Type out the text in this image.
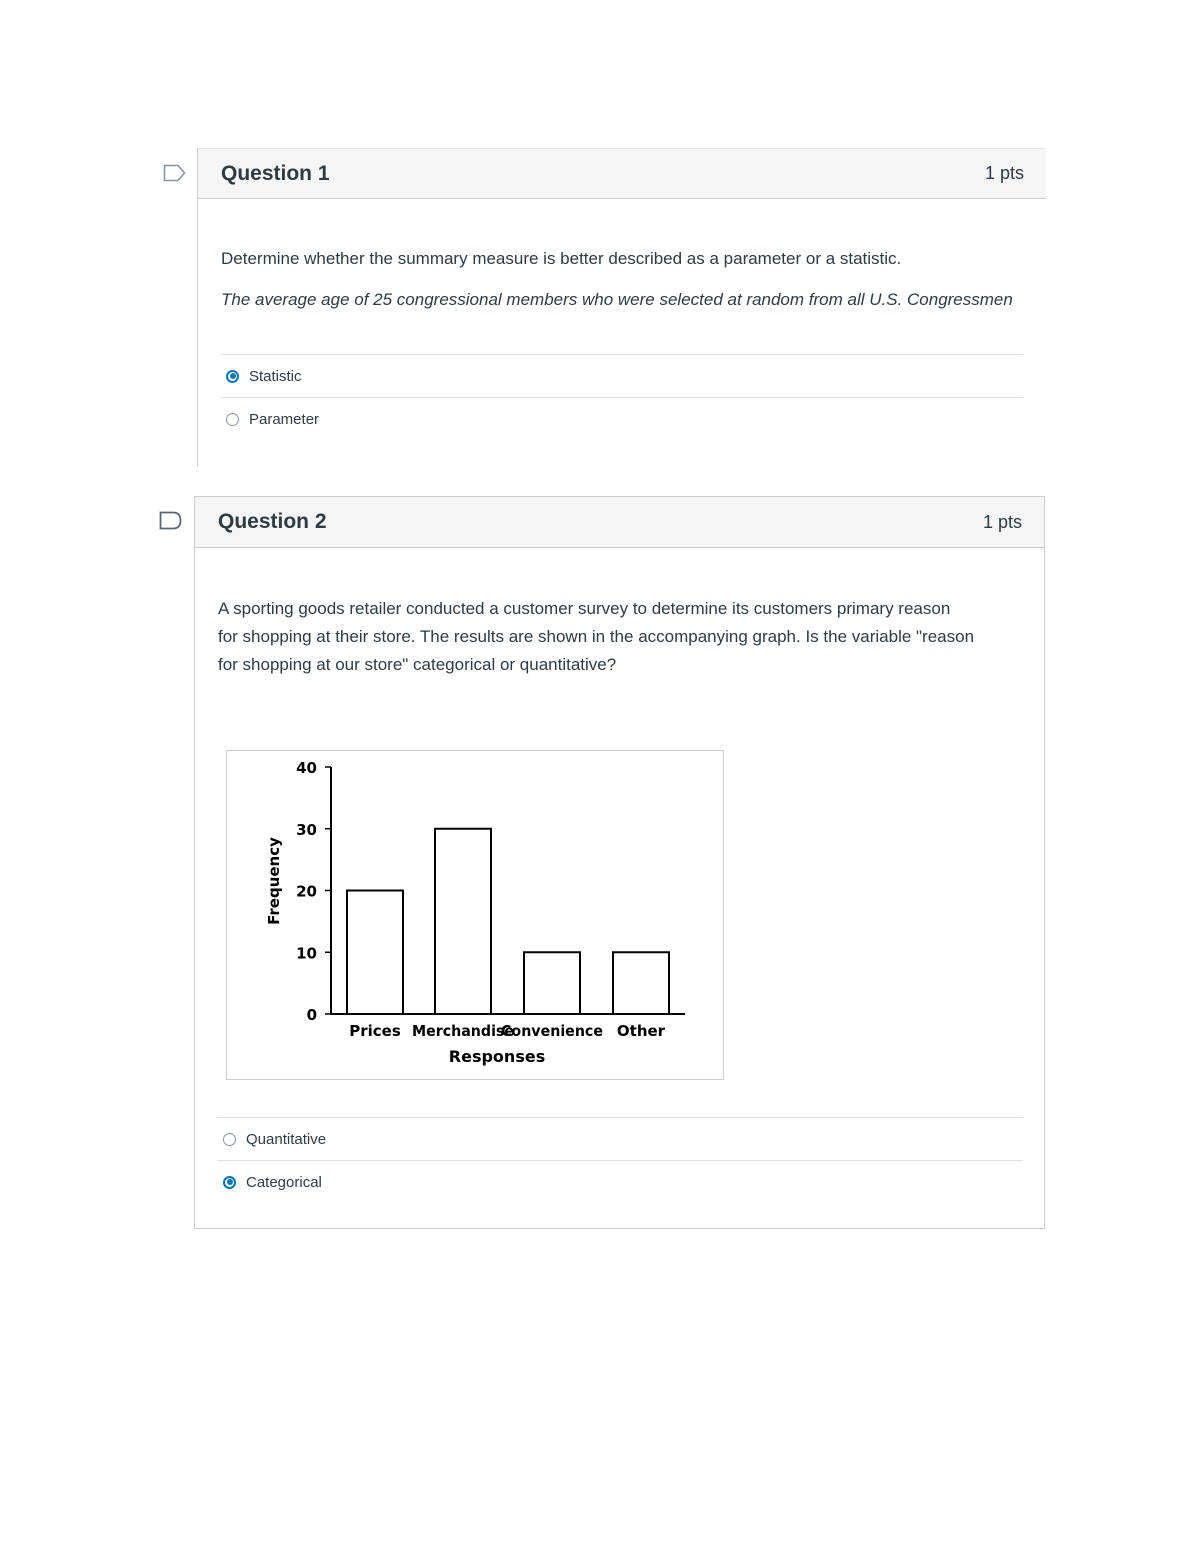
Question 1	1 pts
Determine whether the summary measure is better described as a parameter or a statistic.
The average age of 25 congressional members who were selected at random from all U.S. Congressmen
Statistic
Parameter
Question 2	1 pts
A sporting goods retailer conducted a customer survey to determine its customers primary reason
for shopping at their store. The results are shown in the accompanying graph. Is the variable "reason
for shopping at our store" categorical or quantitative?
0
10
20
30
40
Prices Merchandise
Convenience Other
Responses
Frequency
Quantitative
Categorical
